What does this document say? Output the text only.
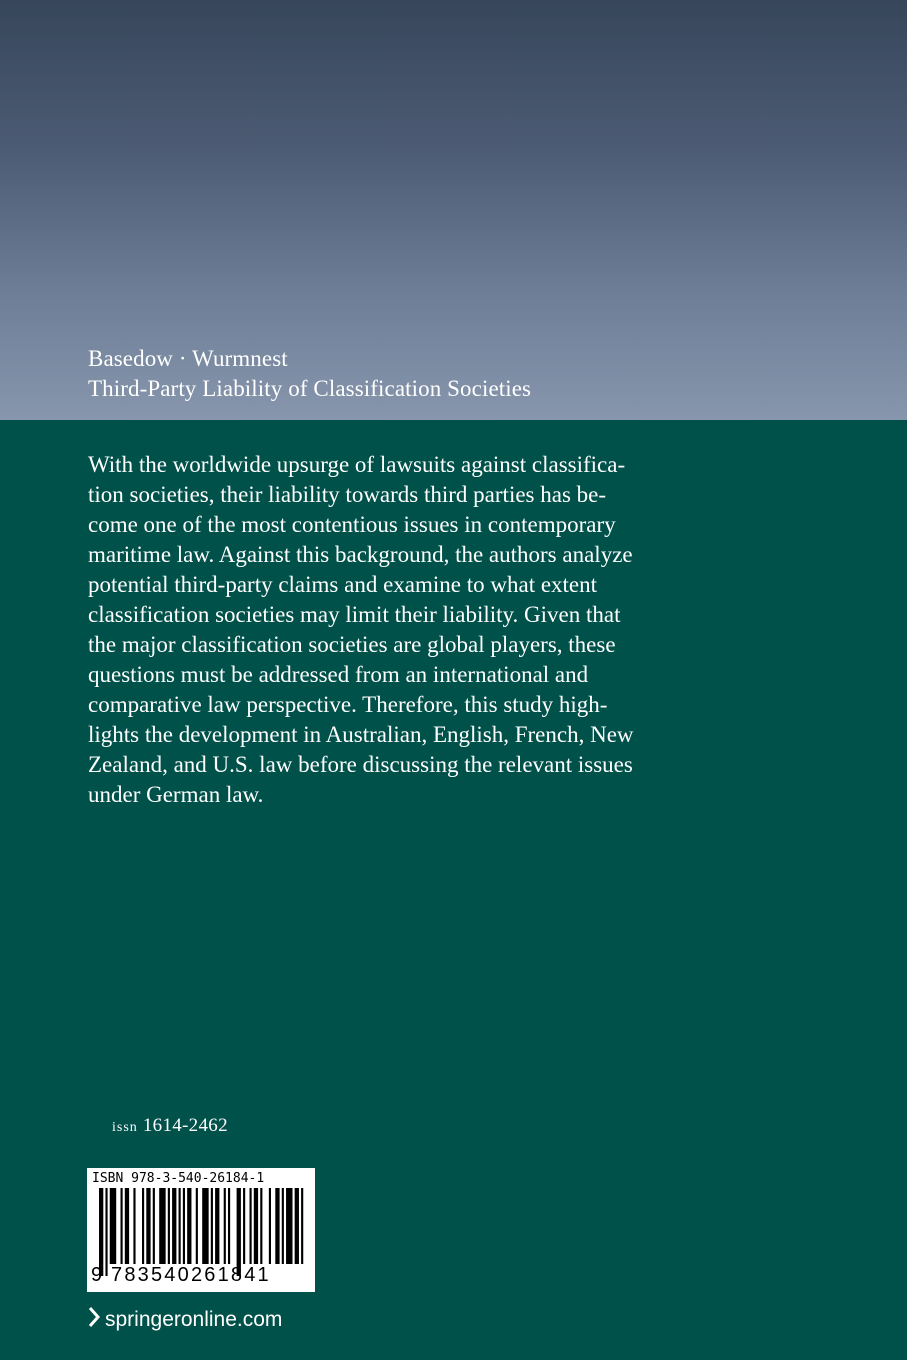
Basedow · Wurmnest
Third-Party Liability of Classification Societies
With the worldwide upsurge of lawsuits against classifica-
tion societies, their liability towards third parties has be-
come one of the most contentious issues in contemporary
maritime law. Against this background, the authors analyze
potential third-party claims and examine to what extent
classification societies may limit their liability. Given that
the major classification societies are global players, these
questions must be addressed from an international and
comparative law perspective. Therefore, this study high-
lights the development in Australian, English, French, New
Zealand, and U.S. law before discussing the relevant issues
under German law.
issn 1614-2462
ISBN 978-3-540-26184-1
9 783540261841
springeronline.com
